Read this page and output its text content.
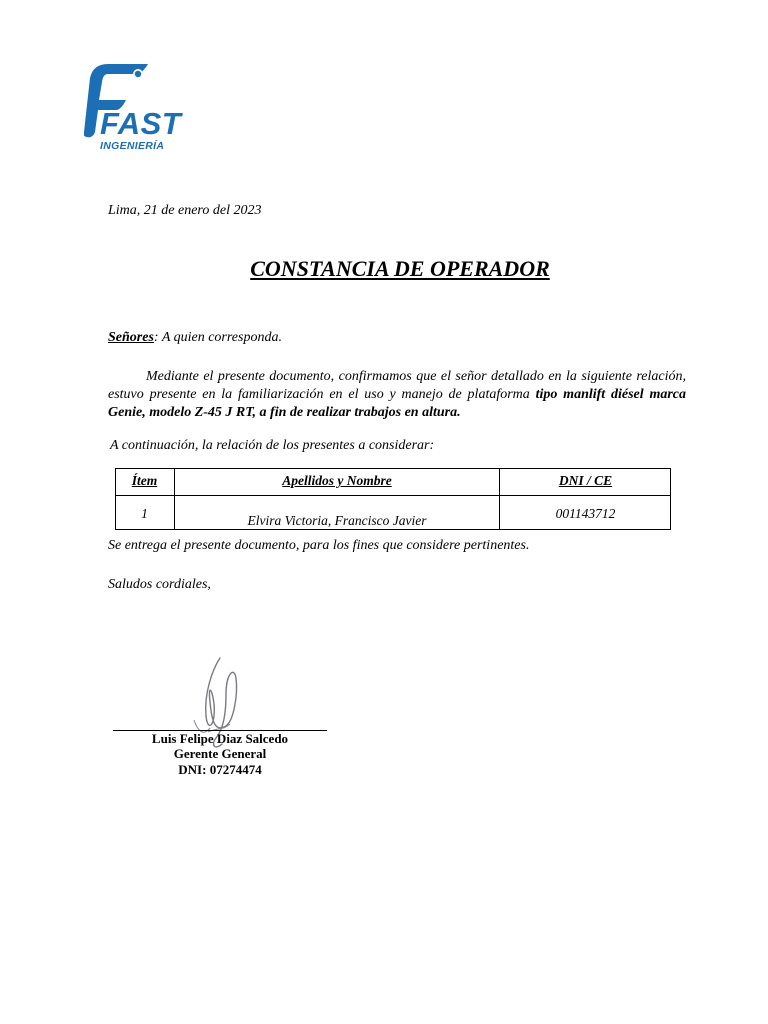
FAST
INGENIERÍA
Lima, 21 de enero del 2023
CONSTANCIA DE OPERADOR
Señores: A quien corresponda.
Mediante el presente documento, confirmamos que el señor detallado en la siguiente relación, estuvo presente en la familiarización en el uso y manejo de plataforma tipo manlift diésel marca Genie, modelo Z-45 J RT, a fin de realizar trabajos en altura.
A continuación, la relación de los presentes a considerar:
Ítem	Apellidos y Nombre	DNI / CE
1	Elvira Victoria, Francisco Javier	001143712
Se entrega el presente documento, para los fines que considere pertinentes.
Saludos cordiales,
Luis Felipe Diaz Salcedo
Gerente General
DNI: 07274474
